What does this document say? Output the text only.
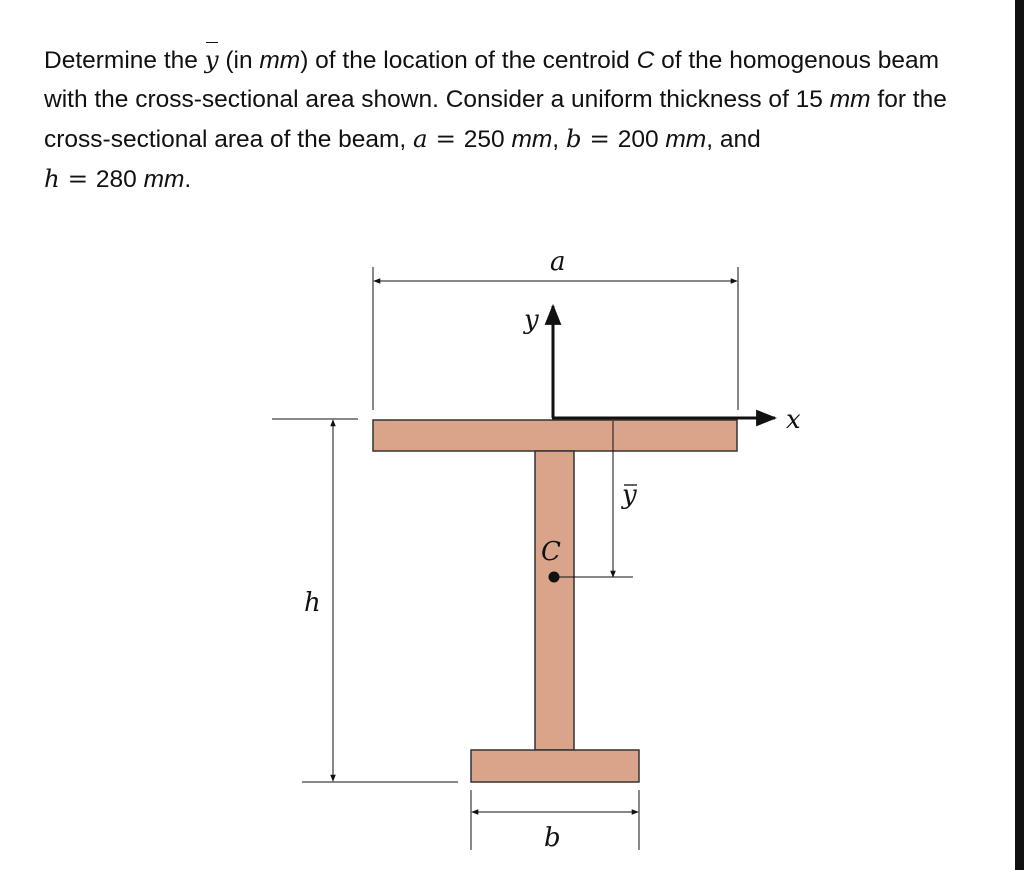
Determine the y (in mm) of the location of the centroid C of the homogenous beam with the cross-sectional area shown. Consider a uniform thickness of 15 mm for the cross-sectional area of the beam, a = 250 mm, b = 200 mm, and
h = 280 mm.
a
y
x
y
C
h
b
